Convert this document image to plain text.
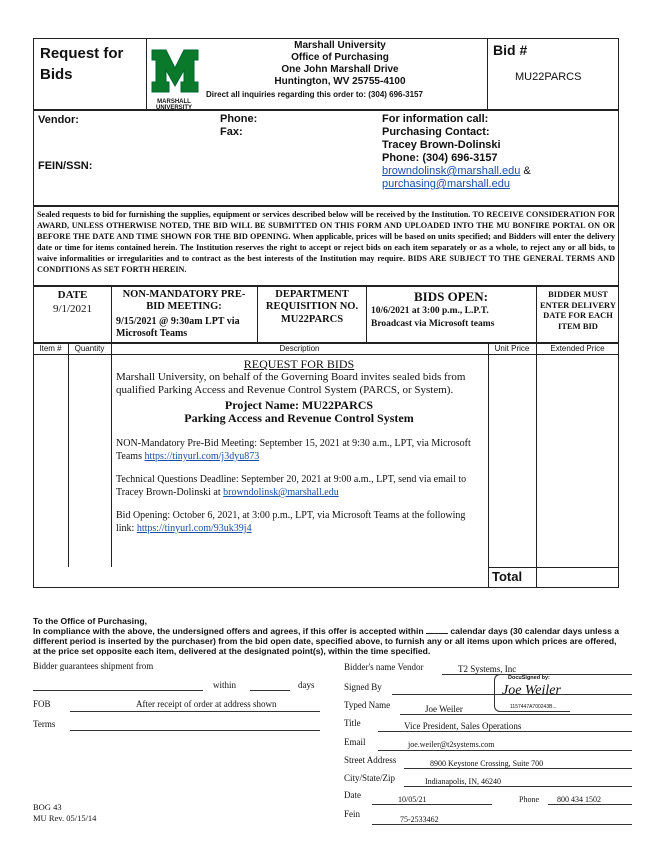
Request for Bids
MARSHALL UNIVERSITY
Marshall University
Office of Purchasing
One John Marshall Drive
Huntington, WV 25755-4100
Direct all inquiries regarding this order to: (304) 696-3157
Bid #
MU22PARCS
Vendor:
FEIN/SSN:
Phone:
Fax:
For information call:
Purchasing Contact:
Tracey Brown-Dolinski
Phone: (304) 696-3157
browndolinsk@marshall.edu &
purchasing@marshall.edu
Sealed requests to bid for furnishing the supplies, equipment or services described below will be received by the Institution. TO RECEIVE CONSIDERATION FOR AWARD, UNLESS OTHERWISE NOTED, THE BID WILL BE SUBMITTED ON THIS FORM AND UPLOADED INTO THE MU BONFIRE PORTAL ON OR BEFORE THE DATE AND TIME SHOWN FOR THE BID OPENING. When applicable, prices will be based on units specified; and Bidders will enter the delivery date or time for items contained herein. The Institution reserves the right to accept or reject bids on each item separately or as a whole, to reject any or all bids, to waive informalities or irregularities and to contract as the best interests of the Institution may require. BIDS ARE SUBJECT TO THE GENERAL TERMS AND CONDITIONS AS SET FORTH HEREIN.
DATE
9/1/2021
NON-MANDATORY PRE-BID MEETING:
9/15/2021 @ 9:30am LPT via Microsoft Teams
DEPARTMENT REQUISITION NO.
MU22PARCS
BIDS OPEN:
10/6/2021 at 3:00 p.m., L.P.T. Broadcast via Microsoft teams
BIDDER MUST ENTER DELIVERY DATE FOR EACH ITEM BID
Item #	Quantity	Description	Unit Price	Extended Price
REQUEST FOR BIDS
Marshall University, on behalf of the Governing Board invites sealed bids from qualified Parking Access and Revenue Control System (PARCS, or System).
Project Name: MU22PARCS
Parking Access and Revenue Control System
NON-Mandatory Pre-Bid Meeting: September 15, 2021 at 9:30 a.m., LPT, via Microsoft Teams https://tinyurl.com/j3dyu873
Technical Questions Deadline: September 20, 2021 at 9:00 a.m., LPT, send via email to Tracey Brown-Dolinski at browndolinsk@marshall.edu
Bid Opening: October 6, 2021, at 3:00 p.m., LPT, via Microsoft Teams at the following link: https://tinyurl.com/93uk39j4
Total
To the Office of Purchasing,
In compliance with the above, the undersigned offers and agrees, if this offer is accepted within	calendar days (30 calendar days unless a different period is inserted by the purchaser) from the bid open date, specified above, to furnish any or all items upon which prices are offered, at the price set opposite each item, delivered at the designated point(s), within the time specified.
Bidder guarantees shipment from
within	days
FOB	After receipt of order at address shown
Terms
Bidder's name Vendor	T2 Systems, Inc
Signed By
DocuSigned by:
Joe Weiler
1157447A700243B...
Typed Name	Joe Weiler
Title	Vice President, Sales Operations
Email	joe.weiler@t2systems.com
Street Address	8900 Keystone Crossing, Suite 700
City/State/Zip	Indianapolis, IN, 46240
Date	10/05/21	Phone 800 434 1502
Fein
75-2533462
BOG 43
MU Rev. 05/15/14
